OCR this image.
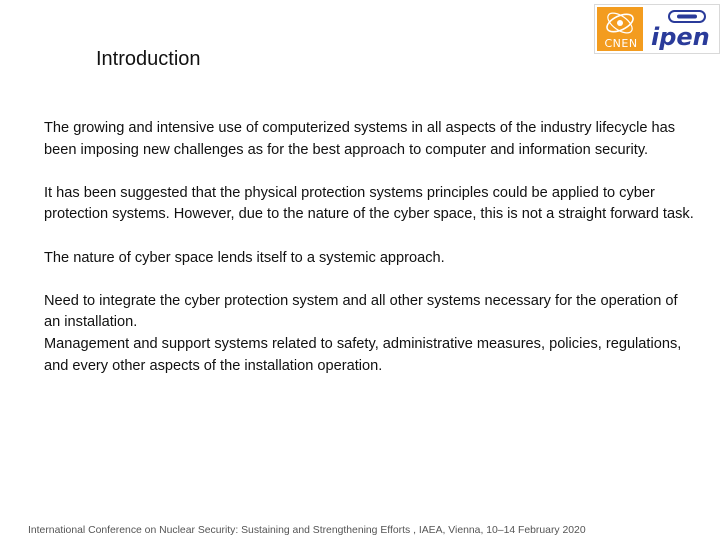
CNEN ipen
Introduction

The growing and intensive use of computerized systems in all aspects of the industry lifecycle has been imposing new challenges as for the best approach to computer and information security.

It has been suggested that the physical protection systems principles could be applied to cyber protection systems. However, due to the nature of the cyber space, this is not a straight forward task.

The nature of cyber space lends itself to a systemic approach.

Need to integrate the cyber protection system and all other systems necessary for the operation of an installation.

Management and support systems related to safety, administrative measures, policies, regulations, and every other aspects of the installation operation.

International Conference on Nuclear Security: Sustaining and Strengthening Efforts , IAEA, Vienna, 10–14 February 2020
